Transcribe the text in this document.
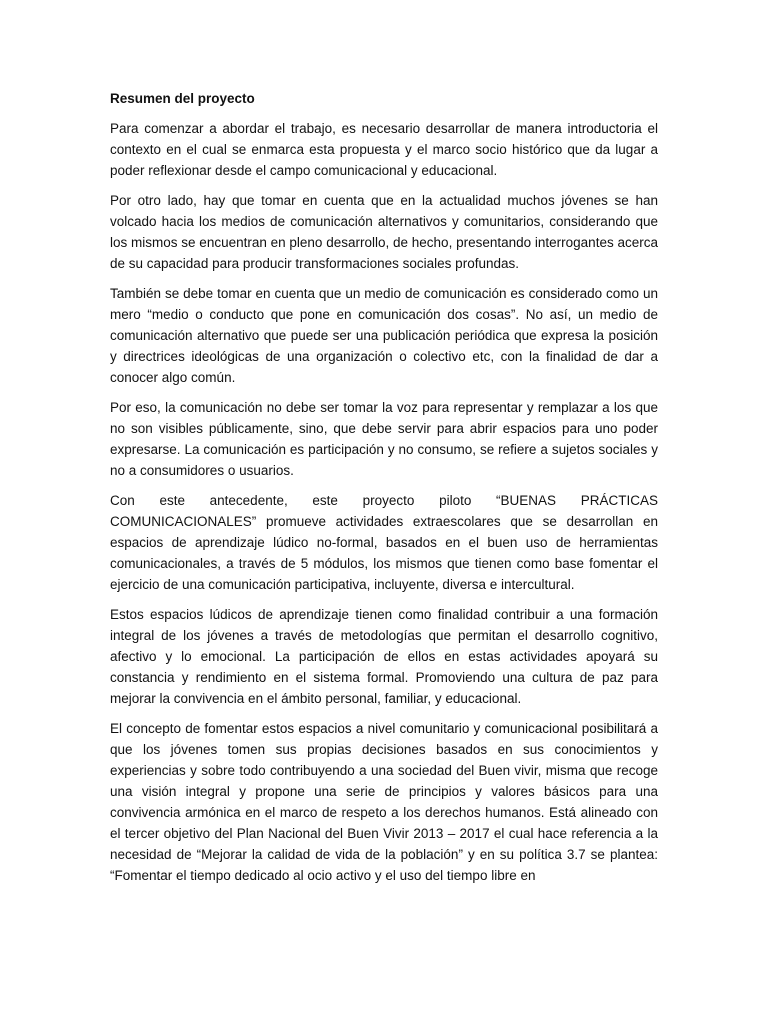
Resumen del proyecto

Para comenzar a abordar el trabajo, es necesario desarrollar de manera introductoria el contexto en el cual se enmarca esta propuesta y el marco socio histórico que da lugar a poder reflexionar desde el campo comunicacional y educacional.

Por otro lado, hay que tomar en cuenta que en la actualidad muchos jóvenes se han volcado hacia los medios de comunicación alternativos y comunitarios, considerando que los mismos se encuentran en pleno desarrollo, de hecho, presentando interrogantes acerca de su capacidad para producir transformaciones sociales profundas.

También se debe tomar en cuenta que un medio de comunicación es considerado como un mero “medio o conducto que pone en comunicación dos cosas”. No así, un medio de comunicación alternativo que puede ser una publicación periódica que expresa la posición y directrices ideológicas de una organización o colectivo etc, con la finalidad de dar a conocer algo común.

Por eso, la comunicación no debe ser tomar la voz para representar y remplazar a los que no son visibles públicamente, sino, que debe servir para abrir espacios para uno poder expresarse. La comunicación es participación y no consumo, se refiere a sujetos sociales y no a consumidores o usuarios.

Con este antecedente, este proyecto piloto “BUENAS PRÁCTICAS COMUNICACIONALES” promueve actividades extraescolares que se desarrollan en espacios de aprendizaje lúdico no-formal, basados en el buen uso de herramientas comunicacionales, a través de 5 módulos, los mismos que tienen como base fomentar el ejercicio de una comunicación participativa, incluyente, diversa e intercultural.

Estos espacios lúdicos de aprendizaje tienen como finalidad contribuir a una formación integral de los jóvenes a través de metodologías que permitan el desarrollo cognitivo, afectivo y lo emocional. La participación de ellos en estas actividades apoyará su constancia y rendimiento en el sistema formal. Promoviendo una cultura de paz para mejorar la convivencia en el ámbito personal, familiar, y educacional.

El concepto de fomentar estos espacios a nivel comunitario y comunicacional posibilitará a que los jóvenes tomen sus propias decisiones basados en sus conocimientos y experiencias y sobre todo contribuyendo a una sociedad del Buen vivir, misma que recoge una visión integral y propone una serie de principios y valores básicos para una convivencia armónica en el marco de respeto a los derechos humanos. Está alineado con el tercer objetivo del Plan Nacional del Buen Vivir 2013 – 2017 el cual hace referencia a la necesidad de “Mejorar la calidad de vida de la población” y en su política 3.7 se plantea: “Fomentar el tiempo dedicado al ocio activo y el uso del tiempo libre en
